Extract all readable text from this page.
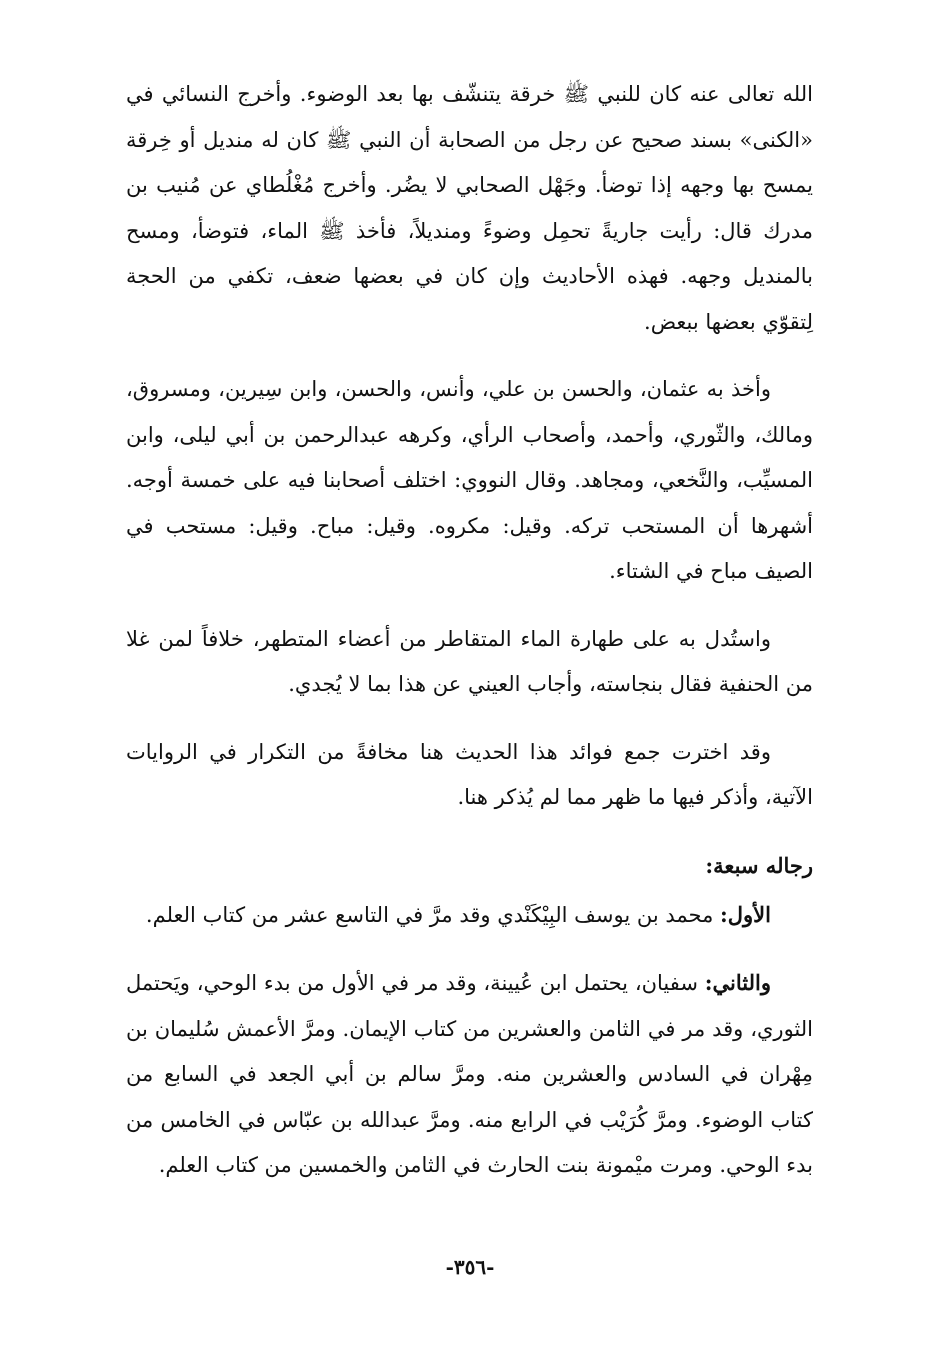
الله تعالى عنه كان للنبي ﷺ خرقة يتنشّف بها بعد الوضوء. وأخرج النسائي في «الكنى» بسند صحيح عن رجل من الصحابة أن النبي ﷺ كان له منديل أو خِرقة يمسح بها وجهه إذا توضأ. وجَهْل الصحابي لا يضُر. وأخرج مُغْلُطاي عن مُنيب بن مدرك قال: رأيت جاريةً تحمِل وضوءً ومنديلاً، فأخذ ﷺ الماء، فتوضأ، ومسح بالمنديل وجهه. فهذه الأحاديث وإن كان في بعضها ضعف، تكفي من الحجة لِتقوّي بعضها ببعض.

وأخذ به عثمان، والحسن بن علي، وأنس، والحسن، وابن سِيرين، ومسروق، ومالك، والثّوري، وأحمد، وأصحاب الرأي، وكرهه عبدالرحمن بن أبي ليلى، وابن المسيِّب، والنَّخعي، ومجاهد. وقال النووي: اختلف أصحابنا فيه على خمسة أوجه. أشهرها أن المستحب تركه. وقيل: مكروه. وقيل: مباح. وقيل: مستحب في الصيف مباح في الشتاء.

واستُدل به على طهارة الماء المتقاطر من أعضاء المتطهر، خلافاً لمن غلا من الحنفية فقال بنجاسته، وأجاب العيني عن هذا بما لا يُجدي.

وقد اخترت جمع فوائد هذا الحديث هنا مخافةً من التكرار في الروايات الآتية، وأذكر فيها ما ظهر مما لم يُذكر هنا.

رجاله سبعة:

الأول: محمد بن يوسف البِيْكَنْدي وقد مرَّ في التاسع عشر من كتاب العلم.

والثاني: سفيان، يحتمل ابن عُيينة، وقد مر في الأول من بدء الوحي، ويَحتمل الثوري، وقد مر في الثامن والعشرين من كتاب الإيمان. ومرَّ الأعمش سُليمان بن مِهْران في السادس والعشرين منه. ومرَّ سالم بن أبي الجعد في السابع من كتاب الوضوء. ومرَّ كُرَيْب في الرابع منه. ومرَّ عبدالله بن عبّاس في الخامس من بدء الوحي. ومرت ميْمونة بنت الحارث في الثامن والخمسين من كتاب العلم.

-٣٥٦-
